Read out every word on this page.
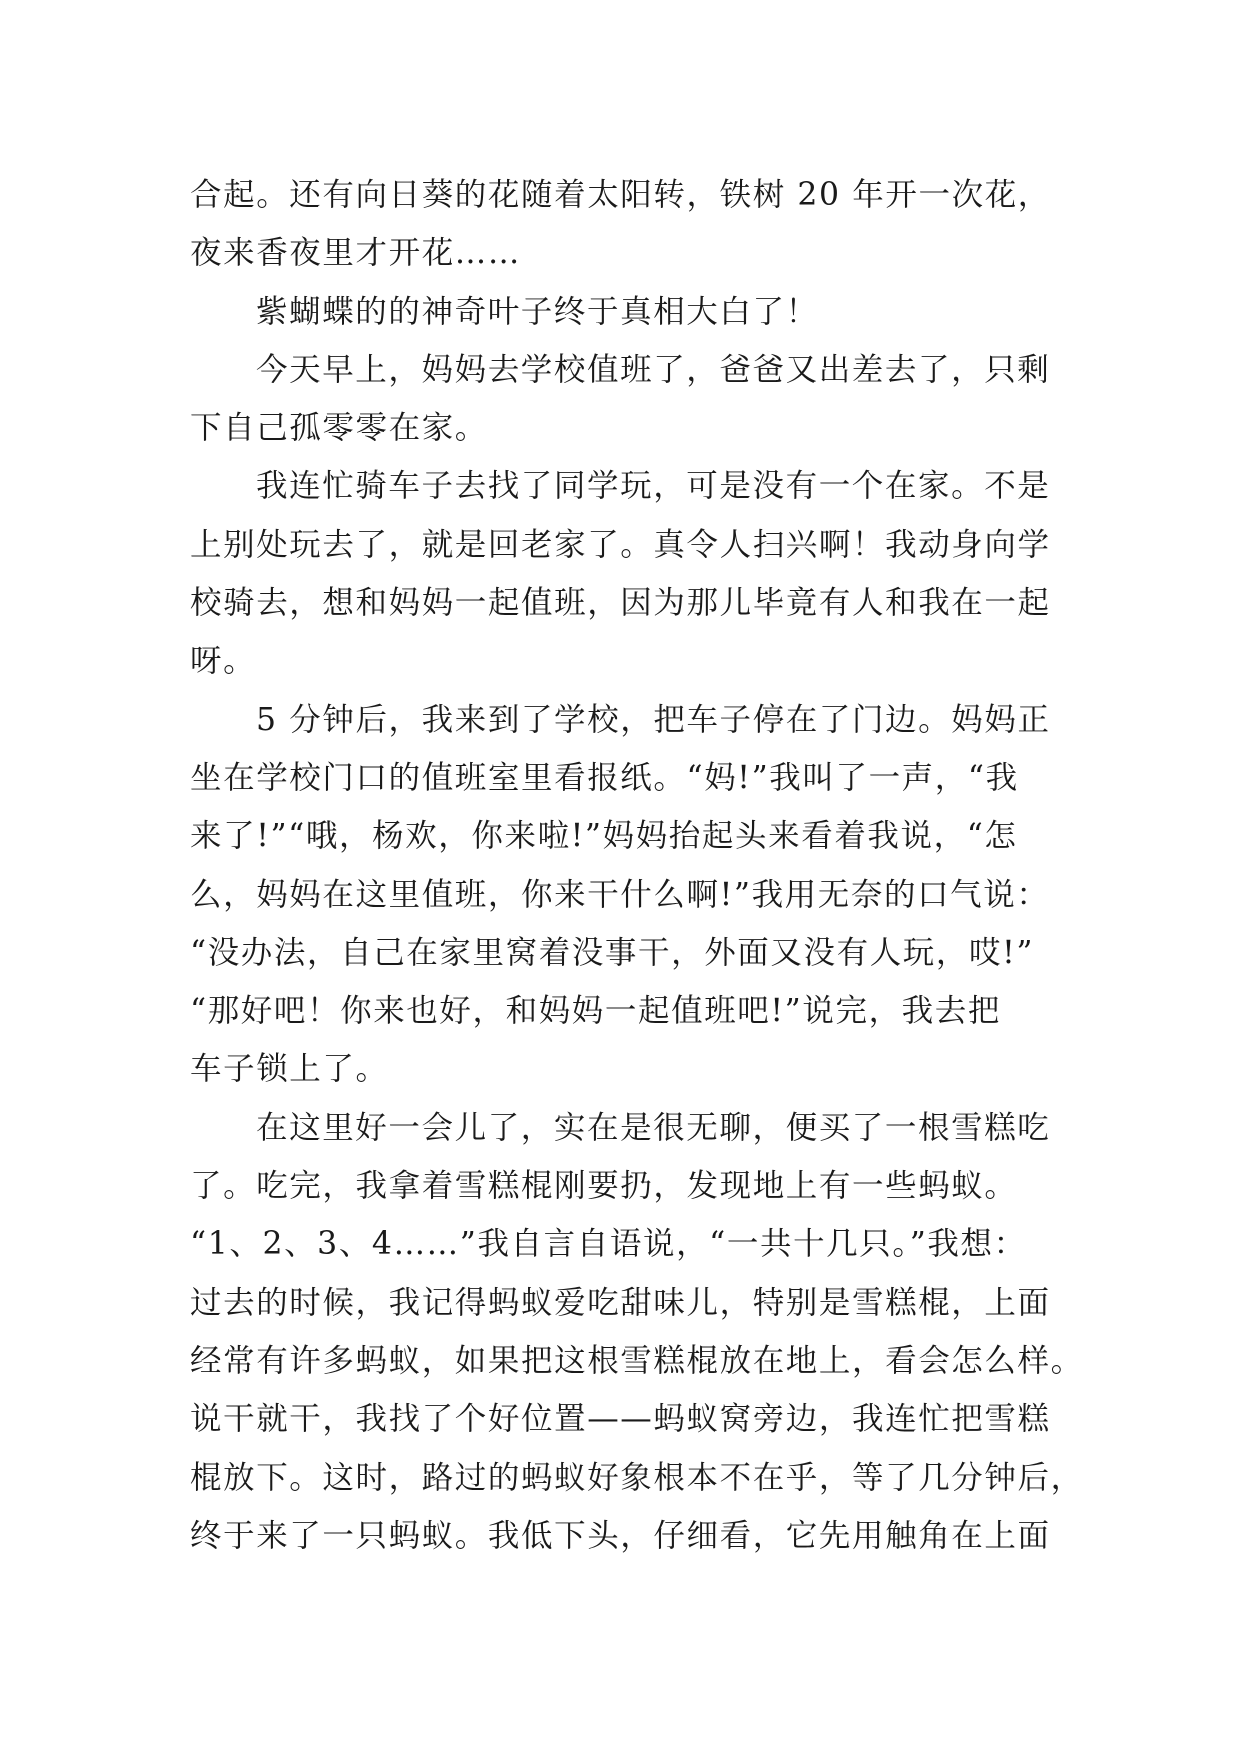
合起。还有向日葵的花随着太阳转，铁树 20 年开一次花，
夜来香夜里才开花……
紫蝴蝶的的神奇叶子终于真相大白了！
今天早上，妈妈去学校值班了，爸爸又出差去了，只剩
下自己孤零零在家。
我连忙骑车子去找了同学玩，可是没有一个在家。不是
上别处玩去了，就是回老家了。真令人扫兴啊！我动身向学
校骑去，想和妈妈一起值班，因为那儿毕竟有人和我在一起
呀。
5 分钟后，我来到了学校，把车子停在了门边。妈妈正
坐在学校门口的值班室里看报纸。“妈!”我叫了一声，“我
来了!”“哦，杨欢，你来啦!”妈妈抬起头来看着我说，“怎
么，妈妈在这里值班，你来干什么啊!”我用无奈的口气说：
“没办法，自己在家里窝着没事干，外面又没有人玩，哎!”
“那好吧！你来也好，和妈妈一起值班吧!”说完，我去把
车子锁上了。
在这里好一会儿了，实在是很无聊，便买了一根雪糕吃
了。吃完，我拿着雪糕棍刚要扔，发现地上有一些蚂蚁。
“1、2、3、4……”我自言自语说，“一共十几只。”我想：
过去的时候，我记得蚂蚁爱吃甜味儿，特别是雪糕棍，上面
经常有许多蚂蚁，如果把这根雪糕棍放在地上，看会怎么样。
说干就干，我找了个好位置——蚂蚁窝旁边，我连忙把雪糕
棍放下。这时，路过的蚂蚁好象根本不在乎，等了几分钟后，
终于来了一只蚂蚁。我低下头，仔细看，它先用触角在上面
